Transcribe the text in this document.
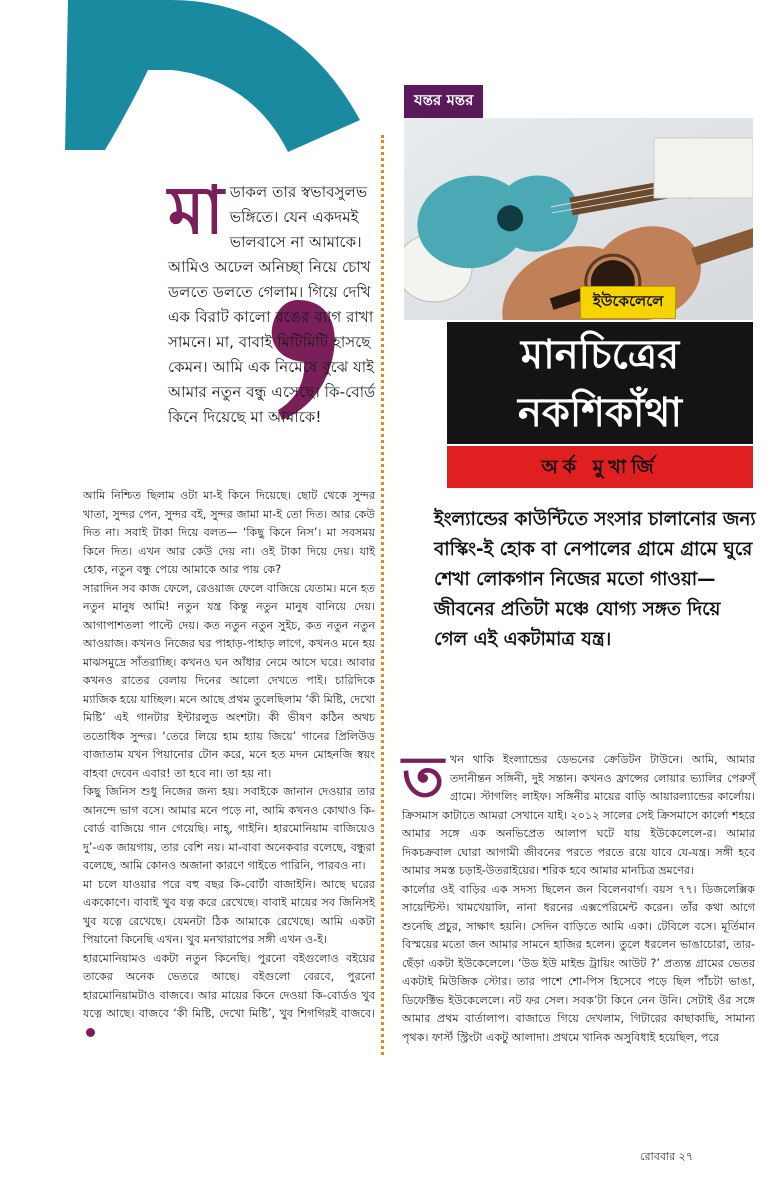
মা ডাকল তার স্বভাবসুলভ ভঙ্গিতে। যেন একদমই ভালবাসে না আমাকে। আমিও অঢেল অনিচ্ছা নিয়ে চোখ ডলতে ডলতে গেলাম। গিয়ে দেখি এক বিরাট কালো রঙের ব্যাগ রাখা সামনে। মা, বাবাই মিটিমিটি হাসছে কেমন। আমি এক নিমেষে বুঝে যাই আমার নতুন বন্ধু এসেছে। কি-বোর্ড কিনে দিয়েছে মা আমাকে!
যন্তর মন্তর
ইউকেলেলে
মানচিত্রের
নকশিকাঁথা
অর্ক মুখার্জি
ইংল্যান্ডের কাউন্টিতে সংসার চালানোর জন্য বাস্কিং-ই হোক বা নেপালের গ্রামে গ্রামে ঘুরে শেখা লোকগান নিজের মতো গাওয়া— জীবনের প্রতিটা মঞ্চে যোগ্য সঙ্গত দিয়ে গেল এই একটামাত্র যন্ত্র।

আমি নিশ্চিত ছিলাম ওটা মা-ই কিনে দিয়েছে। ছোট থেকে সুন্দর খাতা, সুন্দর পেন, সুন্দর বই, সুন্দর জামা মা-ই তো দিত। আর কেউ দিত না। সবাই টাকা দিয়ে বলত— ‘কিছু কিনে নিস’। মা সবসময় কিনে দিত। এখন আর কেউ দেয় না। ওই টাকা দিয়ে দেয়। যাই হোক, নতুন বন্ধু পেয়ে আমাকে আর পায় কে?

সারাদিন সব কাজ ফেলে, রেওয়াজ ফেলে বাজিয়ে যেতাম। মনে হত নতুন মানুষ আমি! নতুন যন্ত্র কিন্তু নতুন মানুষ বানিয়ে দেয়। আগাপাশতলা পাল্টে দেয়। কত নতুন নতুন সুইচ, কত নতুন নতুন আওয়াজ। কখনও নিজের ঘর পাহাড়-পাহাড় লাগে, কখনও মনে হয় মাঝসমুদ্রে সাঁতরাচ্ছি। কখনও ঘন আঁধার নেমে আসে ঘরে। আবার কখনও রাতের বেলায় দিনের আলো দেখতে পাই। চারিদিকে ম্যাজিক হয়ে যাচ্ছিল। মনে আছে প্রথম তুলেছিলাম ‘কী মিষ্টি, দেখো মিষ্টি’ এই গানটার ইন্টারলুড অংশটা। কী ভীষণ কঠিন অথচ ততোধিক সুন্দর। ‘তেরে লিয়ে হাম হ্যায় জিয়ে’ গানের প্রিলিউড বাজাতাম যখন পিয়ানোর টোন করে, মনে হত মদন মোহনজি স্বয়ং বাহবা দেবেন এবার! তা হবে না। তা হয় না।

কিছু জিনিস শুধু নিজের জন্য হয়। সবাইকে জানান দেওয়ার তার আনন্দে ভাগ বসে। আমার মনে পড়ে না, আমি কখনও কোথাও কি-বোর্ড বাজিয়ে গান গেয়েছি। নাহ্, গাইনি। হারমোনিয়াম বাজিয়েও দু’-এক জায়গায়, তার বেশি নয়। মা-বাবা অনেকবার বলেছে, বন্ধুরা বলেছে, আমি কোনও অজানা কারণে গাইতে পারিনি, পারবও না।

মা চলে যাওয়ার পরে বহু বছর কি-বোর্টা বাজাইনি। আছে ঘরের এককোণে। বাবাই খুব যত্ন করে রেখেছে। বাবাই মায়ের সব জিনিসই খুব যত্নে রেখেছে। যেমনটা ঠিক আমাকে রেখেছে। আমি একটা পিয়ানো কিনেছি এখন। খুব মনখারাপের সঙ্গী এখন ও-ই।

হারমোনিয়ামও একটা নতুন কিনেছি। পুরনো বইগুলোও বইয়ের তাকের অনেক ভেতরে আছে। বইগুলো বেরবে, পুরনো হারমোনিয়ামটাও বাজবে। আর মায়ের কিনে দেওয়া কি-বোর্ডও খুব যত্নে আছে। বাজবে ‘কী মিষ্টি, দেখো মিষ্টি’, খুব শিগগিরই বাজবে।

তখন থাকি ইংল্যান্ডের ডেভনের ক্রেডিটন টাউনে। আমি, আমার তদানীন্তন সঙ্গিনী, দুই সন্তান। কখনও ফ্রান্সের লোয়ার ভ্যালির পেরুস্ঁ গ্রামে। স্টাগলিং লাইফ। সঙ্গিনীর মায়ের বাড়ি আয়ারল্যান্ডের কার্লোয়। ক্রিসমাস কাটাতে আমরা সেখানে যাই। ২০১২ সালের সেই ক্রিসমাসে কার্লো শহরে আমার সঙ্গে এক অনভিপ্রেত আলাপ ঘটে যায় ইউকেলেলে-র। আমার দিকচক্রবাল ঘোরা আগামী জীবনের পরতে পরতে রয়ে যাবে যে-যন্ত্র। সঙ্গী হবে আমার সমস্ত চড়াই-উতরাইয়ের। শরিক হবে আমার মানচিত্র ভ্রমণের।

কার্লোর ওই বাড়ির এক সদস্য ছিলেন জন বিলেনবার্গ। বয়স ৭৭। ডিজলেক্সিক সায়েন্টিস্ট। খামখেয়ালি, নানা ধরনের এক্সপেরিমেন্ট করেন। তাঁর কথা আগে শুনেছি প্রচুর, সাক্ষাৎ হয়নি। সেদিন বাড়িতে আমি একা। টেবিলে বসে। মূর্তিমান বিস্ময়ের মতো জন আমার সামনে হাজির হলেন। তুলে ধরলেন ভাঙাচোরা, তার-ছেঁড়া একটা ইউকেলেলে। ‘উড ইউ মাইন্ড ট্রায়িং আউট ?’ প্রত্যন্ত গ্রামের ভেতর একটাই মিউজিক স্টোর। তার পাশে শো-পিস হিসেবে পড়ে ছিল পাঁচটা ভাঙা, ডিফেক্টিভ ইউকেলেলে। নট ফর সেল। সবক’টা কিনে নেন উনি। সেটাই ওঁর সঙ্গে আমার প্রথম বার্তালাপ। বাজাতে গিয়ে দেখলাম, গিটারের কাছাকাছি, সামান্য পৃথক। ফার্স্ট স্ট্রিংটা একটু আলাদা। প্রথমে খানিক অসুবিধাই হয়েছিল, পরে

রোববার ২৭
